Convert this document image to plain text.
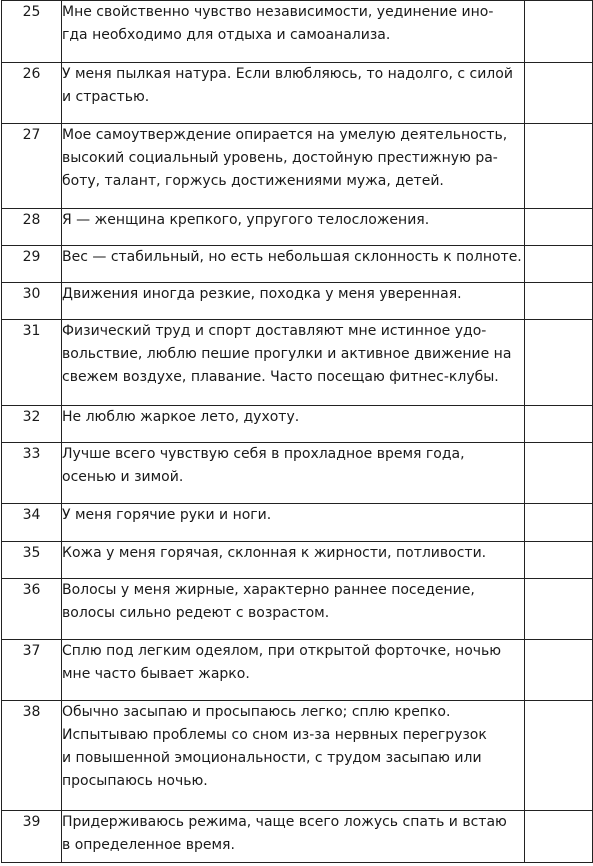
25	Мне свойственно чувство независимости, уединение ино-
гда необходимо для отдыха и самоанализа.	

26	У меня пылкая натура. Если влюбляюсь, то надолго, с силой
и страстью.	

27	Мое самоутверждение опирается на умелую деятельность,
высокий социальный уровень, достойную престижную ра-
боту, талант, горжусь достижениями мужа, детей.	

28	Я — женщина крепкого, упругого телосложения.	

29	Вес — стабильный, но есть небольшая склонность к полноте.	

30	Движения иногда резкие, походка у меня уверенная.	

31	Физический труд и спорт доставляют мне истинное удо-
вольствие, люблю пешие прогулки и активное движение на
свежем воздухе, плавание. Часто посещаю фитнес-клубы.	

32	Не люблю жаркое лето, духоту.	

33	Лучше всего чувствую себя в прохладное время года,
осенью и зимой.	

34	У меня горячие руки и ноги.	

35	Кожа у меня горячая, склонная к жирности, потливости.	

36	Волосы у меня жирные, характерно раннее поседение,
волосы сильно редеют с возрастом.	

37	Сплю под легким одеялом, при открытой форточке, ночью
мне часто бывает жарко.	

38	Обычно засыпаю и просыпаюсь легко; сплю крепко.
Испытываю проблемы со сном из-за нервных перегрузок
и повышенной эмоциональности, с трудом засыпаю или
просыпаюсь ночью.	

39	Придерживаюсь режима, чаще всего ложусь спать и встаю
в определенное время.	
